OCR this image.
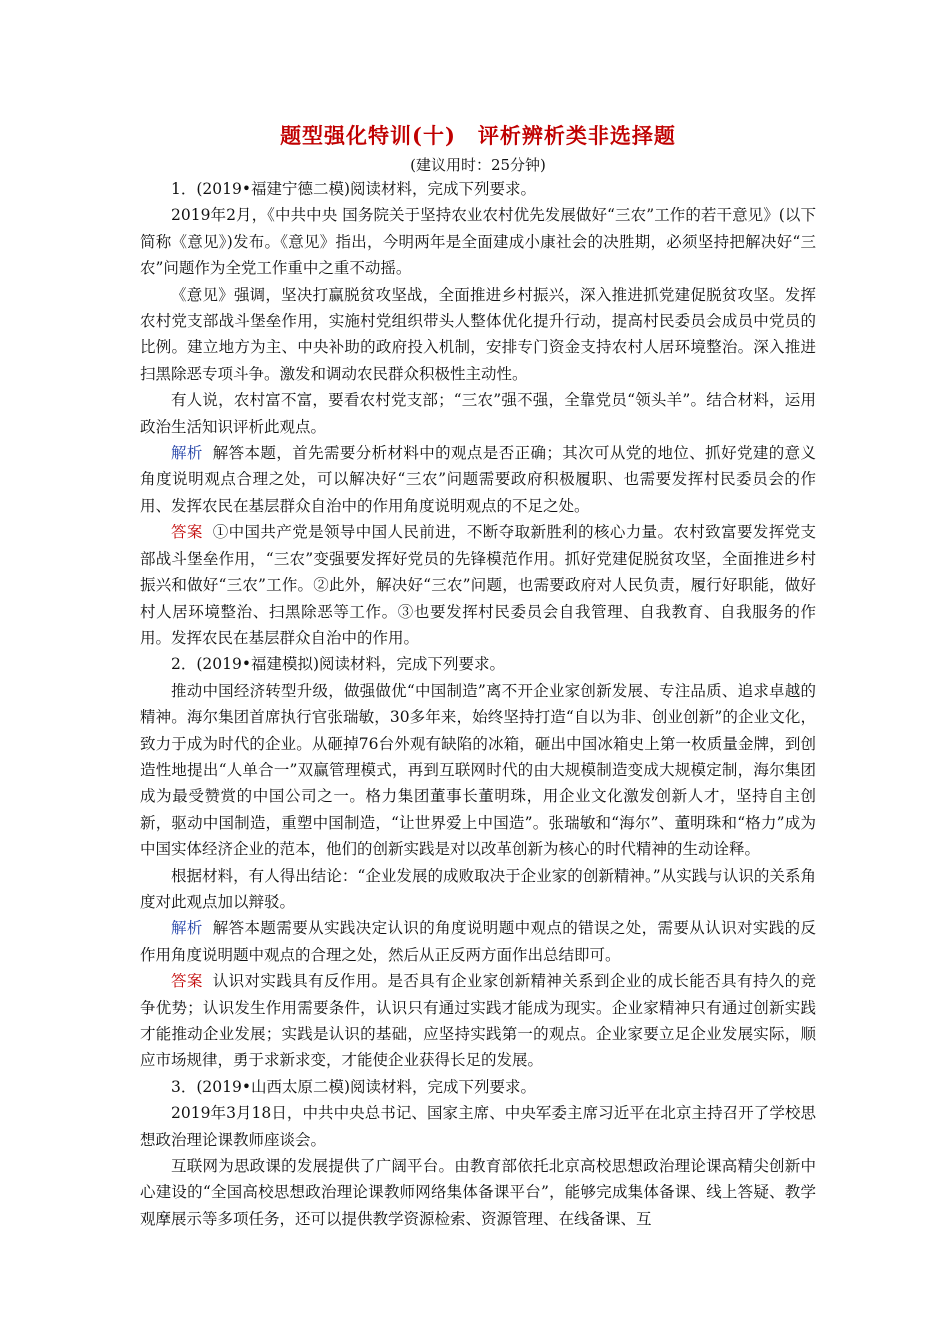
题型强化特训(十)　评析辨析类非选择题
(建议用时：25分钟)

1．(2019•福建宁德二模)阅读材料，完成下列要求。

2019年2月，《中共中央 国务院关于坚持农业农村优先发展做好“三农”工作的若干意见》(以下简称《意见》)发布。《意见》指出，今明两年是全面建成小康社会的决胜期，必须坚持把解决好“三农”问题作为全党工作重中之重不动摇。

《意见》强调，坚决打赢脱贫攻坚战，全面推进乡村振兴，深入推进抓党建促脱贫攻坚。发挥农村党支部战斗堡垒作用，实施村党组织带头人整体优化提升行动，提高村民委员会成员中党员的比例。建立地方为主、中央补助的政府投入机制，安排专门资金支持农村人居环境整治。深入推进扫黑除恶专项斗争。激发和调动农民群众积极性主动性。

有人说，农村富不富，要看农村党支部；“三农”强不强，全靠党员“领头羊”。结合材料，运用政治生活知识评析此观点。

解析 解答本题，首先需要分析材料中的观点是否正确；其次可从党的地位、抓好党建的意义角度说明观点合理之处，可以解决好“三农”问题需要政府积极履职、也需要发挥村民委员会的作用、发挥农民在基层群众自治中的作用角度说明观点的不足之处。

答案 ①中国共产党是领导中国人民前进，不断夺取新胜利的核心力量。农村致富要发挥党支部战斗堡垒作用，“三农”变强要发挥好党员的先锋模范作用。抓好党建促脱贫攻坚，全面推进乡村振兴和做好“三农”工作。②此外，解决好“三农”问题，也需要政府对人民负责，履行好职能，做好村人居环境整治、扫黑除恶等工作。③也要发挥村民委员会自我管理、自我教育、自我服务的作用。发挥农民在基层群众自治中的作用。

2．(2019•福建模拟)阅读材料，完成下列要求。

推动中国经济转型升级，做强做优“中国制造”离不开企业家创新发展、专注品质、追求卓越的精神。海尔集团首席执行官张瑞敏，30多年来，始终坚持打造“自以为非、创业创新”的企业文化，致力于成为时代的企业。从砸掉76台外观有缺陷的冰箱，砸出中国冰箱史上第一枚质量金牌，到创造性地提出“人单合一”双赢管理模式，再到互联网时代的由大规模制造变成大规模定制，海尔集团成为最受赞赏的中国公司之一。格力集团董事长董明珠，用企业文化激发创新人才，坚持自主创新，驱动中国制造，重塑中国制造，“让世界爱上中国造”。张瑞敏和“海尔”、董明珠和“格力”成为中国实体经济企业的范本，他们的创新实践是对以改革创新为核心的时代精神的生动诠释。

根据材料，有人得出结论：“企业发展的成败取决于企业家的创新精神。”从实践与认识的关系角度对此观点加以辩驳。

解析 解答本题需要从实践决定认识的角度说明题中观点的错误之处，需要从认识对实践的反作用角度说明题中观点的合理之处，然后从正反两方面作出总结即可。

答案 认识对实践具有反作用。是否具有企业家创新精神关系到企业的成长能否具有持久的竞争优势；认识发生作用需要条件，认识只有通过实践才能成为现实。企业家精神只有通过创新实践才能推动企业发展；实践是认识的基础，应坚持实践第一的观点。企业家要立足企业发展实际，顺应市场规律，勇于求新求变，才能使企业获得长足的发展。

3．(2019•山西太原二模)阅读材料，完成下列要求。

2019年3月18日，中共中央总书记、国家主席、中央军委主席习近平在北京主持召开了学校思想政治理论课教师座谈会。

互联网为思政课的发展提供了广阔平台。由教育部依托北京高校思想政治理论课高精尖创新中心建设的“全国高校思想政治理论课教师网络集体备课平台”，能够完成集体备课、线上答疑、教学观摩展示等多项任务，还可以提供教学资源检索、资源管理、在线备课、互
